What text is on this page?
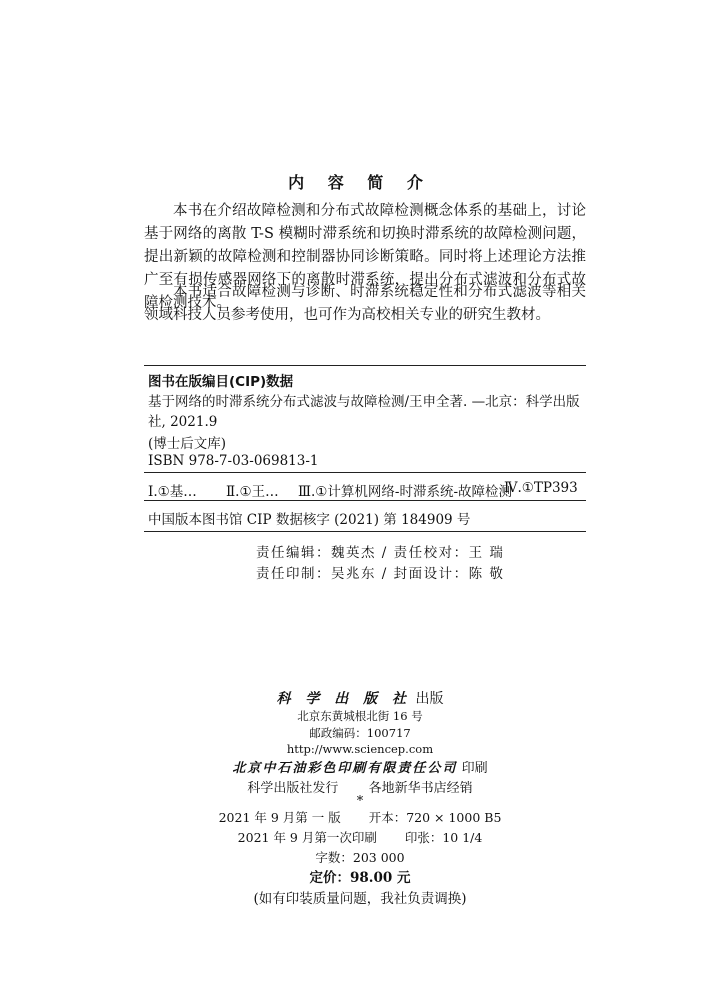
内 容 简 介
本书在介绍故障检测和分布式故障检测概念体系的基础上，讨论基于网络的离散 T-S 模糊时滞系统和切换时滞系统的故障检测问题，提出新颖的故障检测和控制器协同诊断策略。同时将上述理论方法推广至有损传感器网络下的离散时滞系统，提出分布式滤波和分布式故障检测技术。
本书适合故障检测与诊断、时滞系统稳定性和分布式滤波等相关领域科技人员参考使用，也可作为高校相关专业的研究生教材。
图书在版编目(CIP)数据
基于网络的时滞系统分布式滤波与故障检测/王申全著. —北京：科学出版
社, 2021.9
(博士后文库)
ISBN 978-7-03-069813-1
Ⅰ.①基… Ⅱ.①王… Ⅲ.①计算机网络-时滞系统-故障检测
Ⅳ.①TP393
中国版本图书馆 CIP 数据核字 (2021) 第 184909 号
责任编辑：魏英杰 / 责任校对：王 瑞
责任印制：吴兆东 / 封面设计：陈 敬
科 学 出 版 社 出版
北京东黄城根北街 16 号
邮政编码：100717
http://www.sciencep.com
北京中石油彩色印刷有限责任公司 印刷
科学出版社发行 各地新华书店经销
*
2021 年 9 月第 一 版 开本：720 × 1000 B5
2021 年 9 月第一次印刷 印张：10 1/4
字数：203 000
定价：98.00 元
(如有印装质量问题，我社负责调换)
